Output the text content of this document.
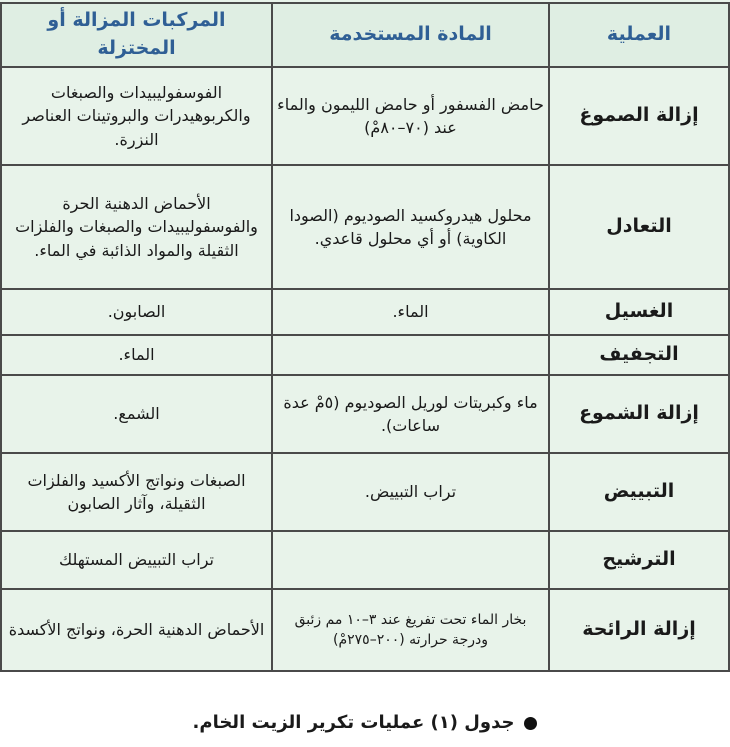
العملية	المادة المستخدمة	المركبات المزالة أو المختزلة
إزالة الصموغ	حامض الفسفور أو حامض الليمون والماء عند (٧٠–٨٠مْ)	الفوسفوليبيدات والصبغات والكربوهيدرات والبروتينات العناصر النزرة.
التعادل	محلول هيدروكسيد الصوديوم (الصودا الكاوية) أو أي محلول قاعدي.	الأحماض الدهنية الحرة والفوسفوليبيدات والصبغات والفلزات الثقيلة والمواد الذائبة في الماء.
الغسيل	الماء.	الصابون.
التجفيف		الماء.
إزالة الشموع	ماء وكبريتات لوريل الصوديوم (٥مْ عدة ساعات).	الشمع.
التبييض	تراب التبييض.	الصبغات ونواتج الأكسيد والفلزات الثقيلة، وآثار الصابون
الترشيح		تراب التبييض المستهلك
إزالة الرائحة	بخار الماء تحت تفريغ عند ٣–١٠ مم زئبق ودرجة حرارته (٢٠٠–٢٧٥مْ)	الأحماض الدهنية الحرة، ونواتج الأكسدة
جدول (١) عمليات تكرير الزيت الخام.
